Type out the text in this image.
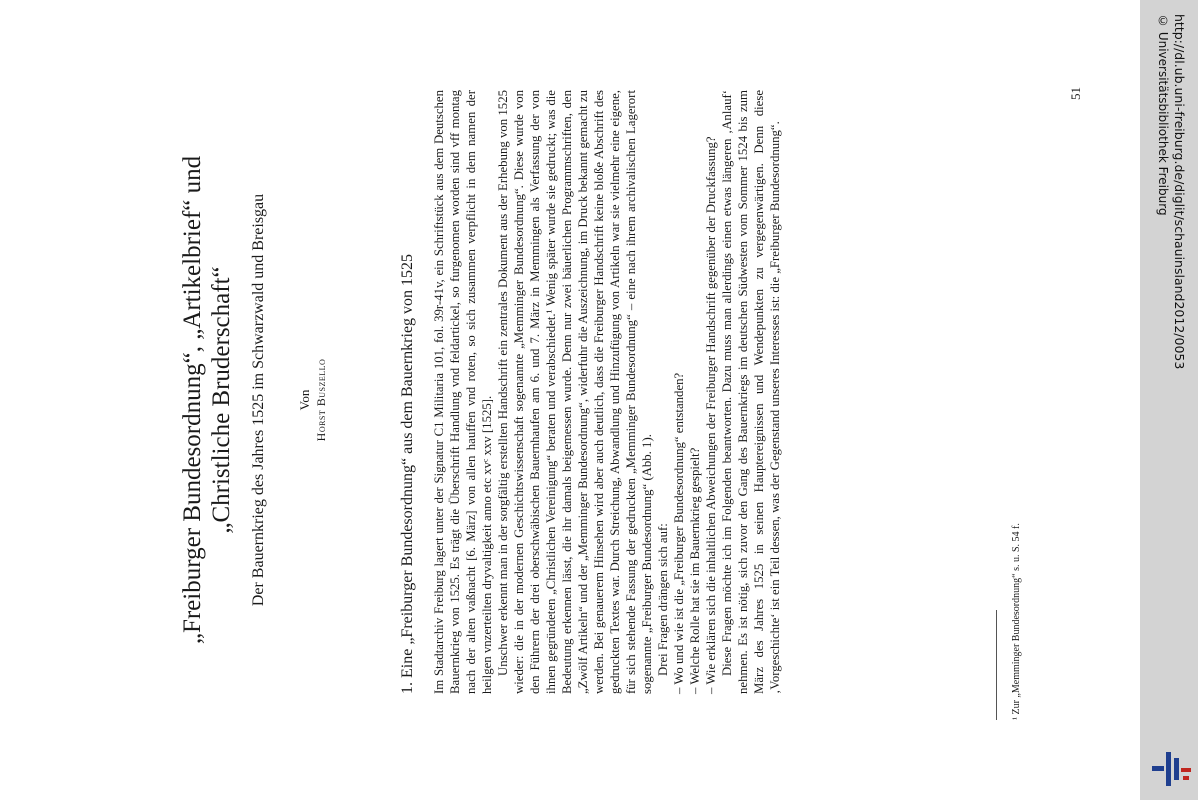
„Freiburger Bundesordnung“, „Artikelbrief“ und
„Christliche Bruderschaft“ Der Bauernkrieg des Jahres 1525 im Schwarzwald und Breisgau Von Horst Buszello	1. Eine „Freiburger Bundesordnung“ aus dem Bauernkrieg von 1525 Im Stadtarchiv Freiburg lagert unter der Signatur C1 Militaria 101, fol. 39r-41v, ein Schriftstück aus dem Deutschen Bauernkrieg von 1525. Es trägt die Überschrift Handlung vnd feldartickel, so furgenomen worden sind vff montag nach der alten vaßnacht [6. März] von allen hauffen vnd roten, so sich zusammen verpflicht in dem namen der heilgen vnzerteilten dryvaltigkeit anno etc xvᶜ xxv [1525]. Unschwer erkennt man in der sorgfältig erstellten Handschrift ein zentrales Dokument aus der Erhebung von 1525 wieder: die in der modernen Geschichtswissenschaft sogenannte „Memminger Bundesordnung“. Diese wurde von den Führern der drei oberschwäbischen Bauernhaufen am 6. und 7. März in Memmingen als Verfassung der von ihnen gegründeten „Christlichen Vereinigung“ beraten und verabschiedet.¹ Wenig später wurde sie gedruckt; was die Bedeutung erkennen lässt, die ihr damals beigemessen wurde. Denn nur zwei bäuerlichen Programmschriften, den „Zwölf Artikeln“ und der „Memminger Bundesordnung“, widerfuhr die Auszeichnung, im Druck bekannt gemacht zu werden. Bei genauerem Hinsehen wird aber auch deutlich, dass die Freiburger Handschrift keine bloße Abschrift des gedruckten Textes war. Durch Streichung, Abwandlung und Hinzufügung von Artikeln war sie vielmehr eine eigene, für sich stehende Fassung der gedruckten „Memminger Bundesordnung“ – eine nach ihrem archivalischen Lagerort sogenannte „Freiburger Bundesordnung“ (Abb. 1). Drei Fragen drängen sich auf: – Wo und wie ist die „Freiburger Bundesordnung“ entstanden? – Welche Rolle hat sie im Bauernkrieg gespielt? – Wie erklären sich die inhaltlichen Abweichungen der Freiburger Handschrift gegenüber der Druckfassung? Diese Fragen möchte ich im Folgenden beantworten. Dazu muss man allerdings einen etwas längeren ‚Anlauf‘ nehmen. Es ist nötig, sich zuvor den Gang des Bauernkriegs im deutschen Südwesten vom Sommer 1524 bis zum März des Jahres 1525 in seinen Hauptereignissen und Wendepunkten zu vergegenwärtigen. Denn diese ‚Vorgeschichte‘ ist ein Teil dessen, was der Gegenstand unseres Interesses ist: die „Freiburger Bundesordnung“.	¹ Zur „Memminger Bundesordnung“ s. u. S. 54 f.
51	http://dl.ub.uni-freiburg.de/diglit/schauinsland2012/0053
© Universitätsbibliothek Freiburg
